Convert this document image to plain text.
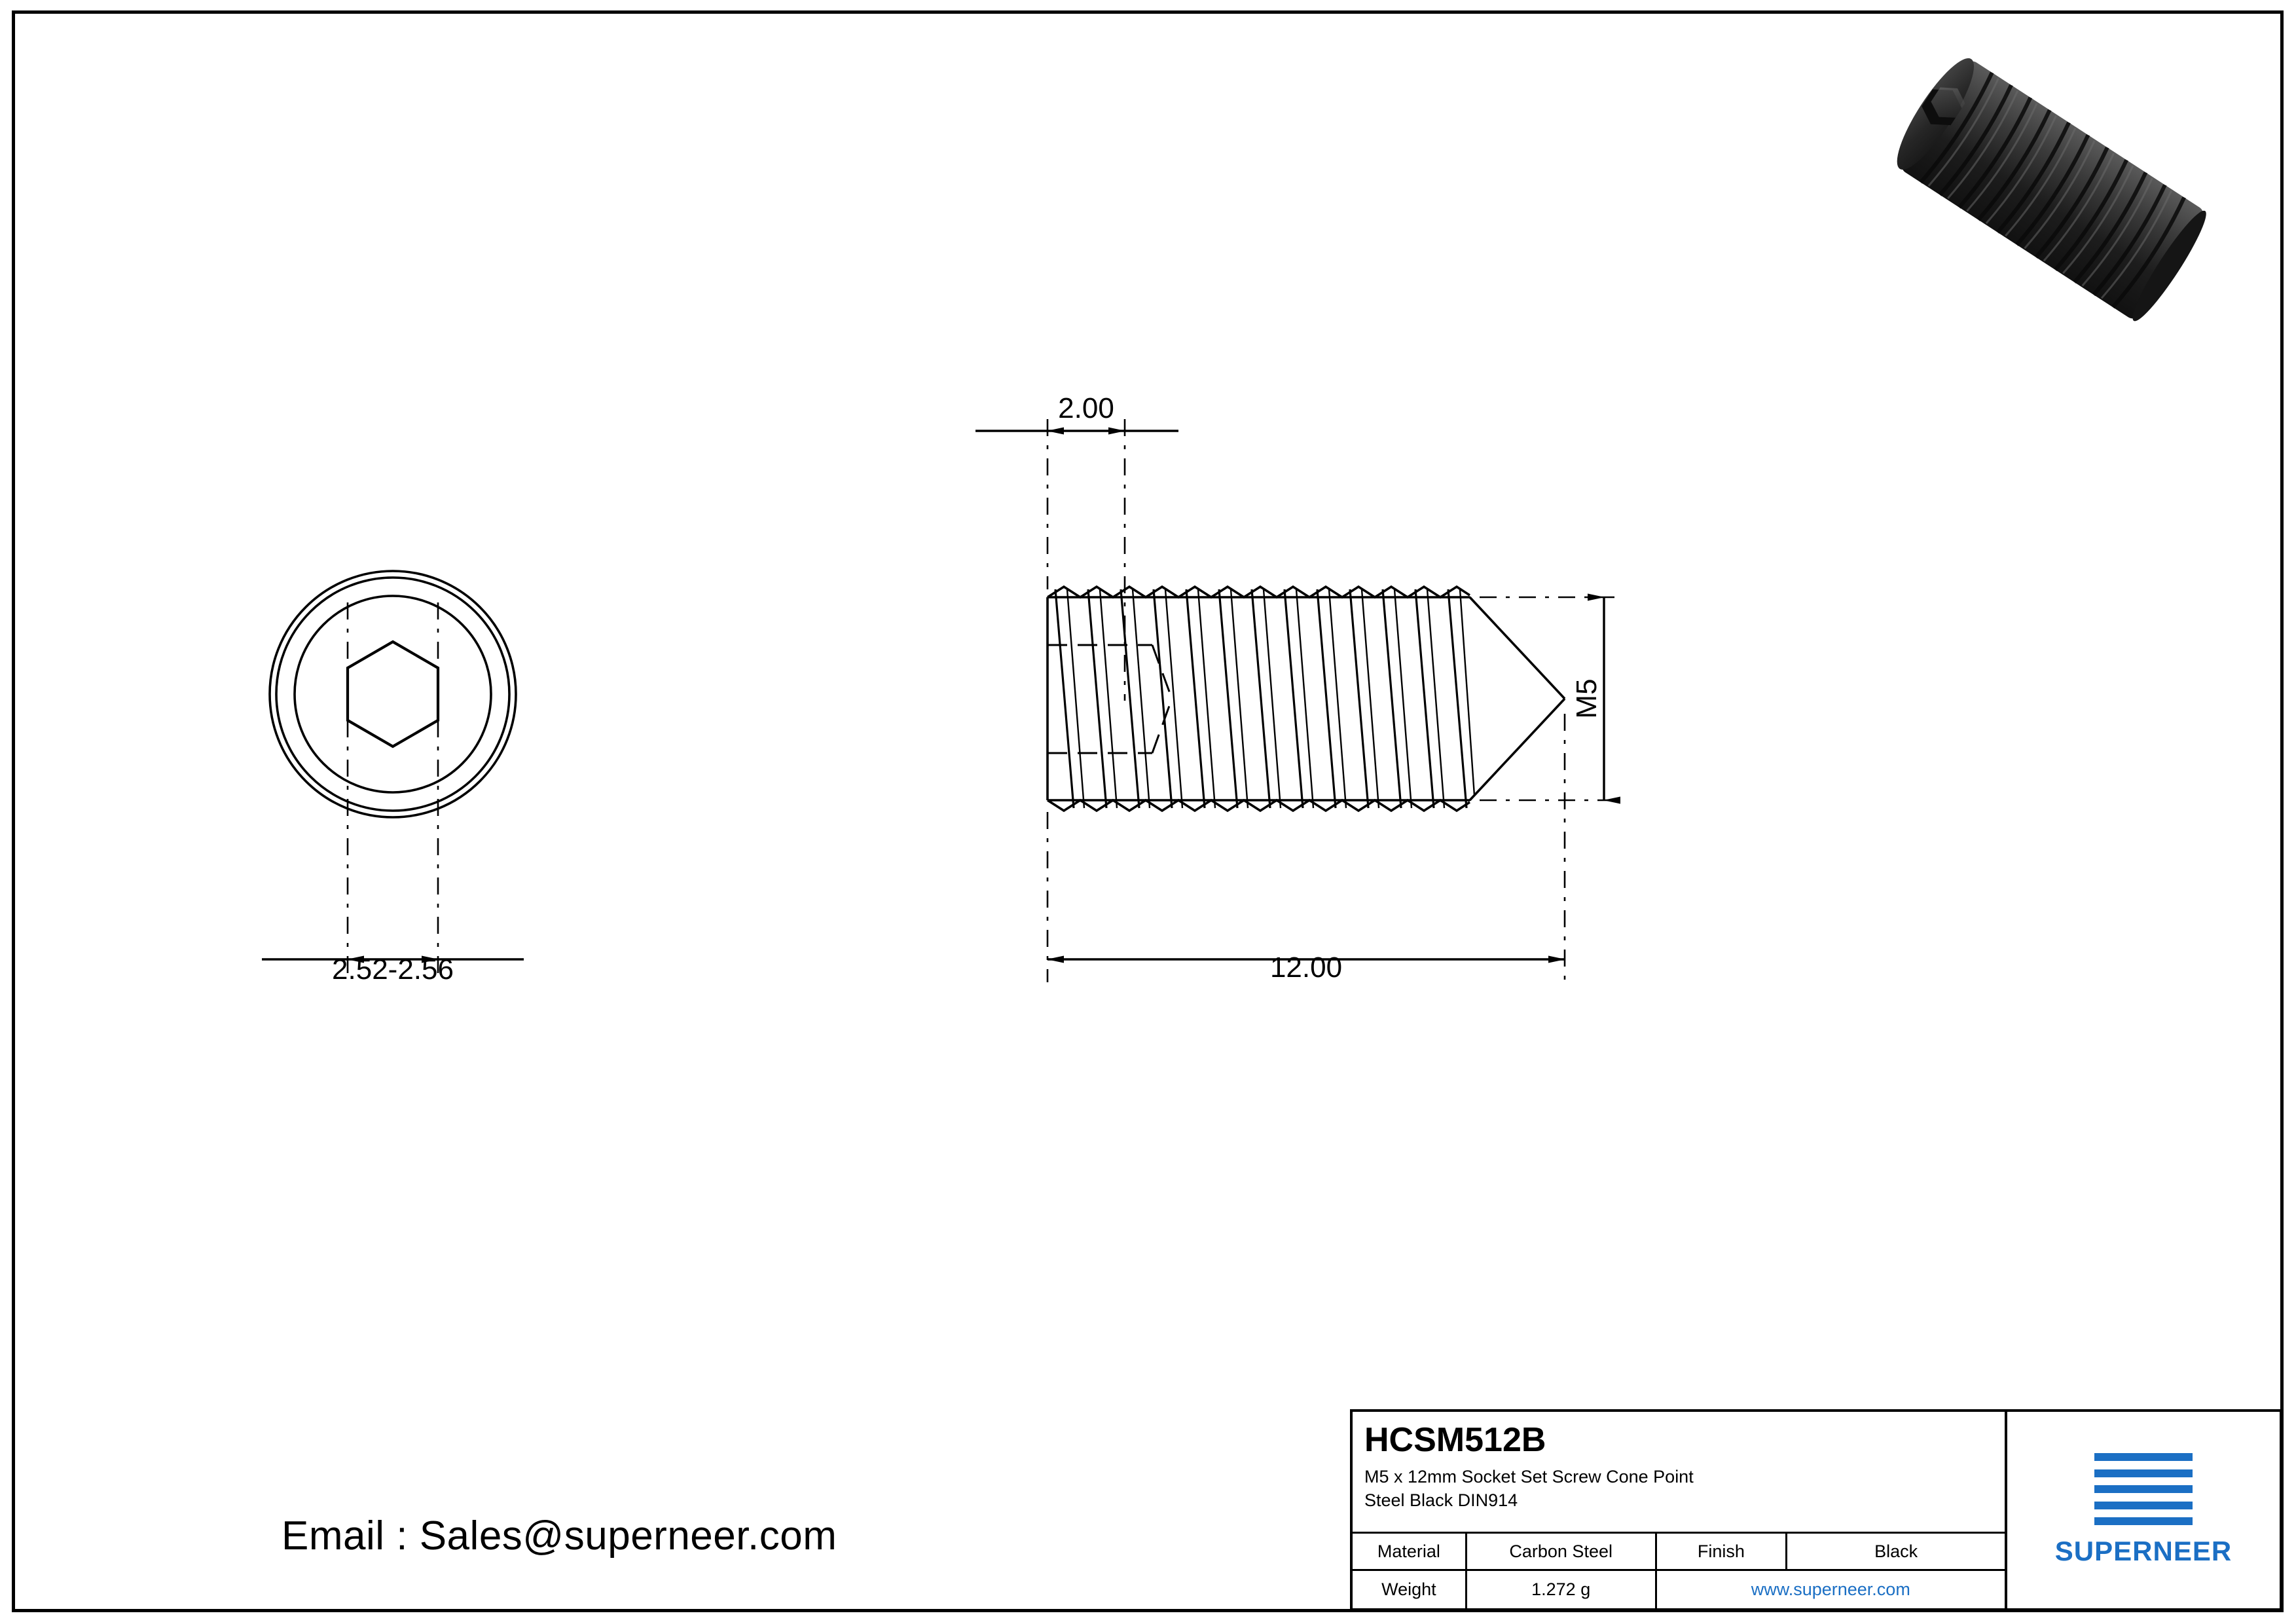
2.52-2.56
2.00
12.00
M5
Email : Sales@superneer.com
HCSM512B
M5 x 12mm Socket Set Screw Cone Point
Steel Black DIN914
Material	Carbon Steel	Finish	Black
Weight	1.272 g	www.superneer.com
SUPERNEER
